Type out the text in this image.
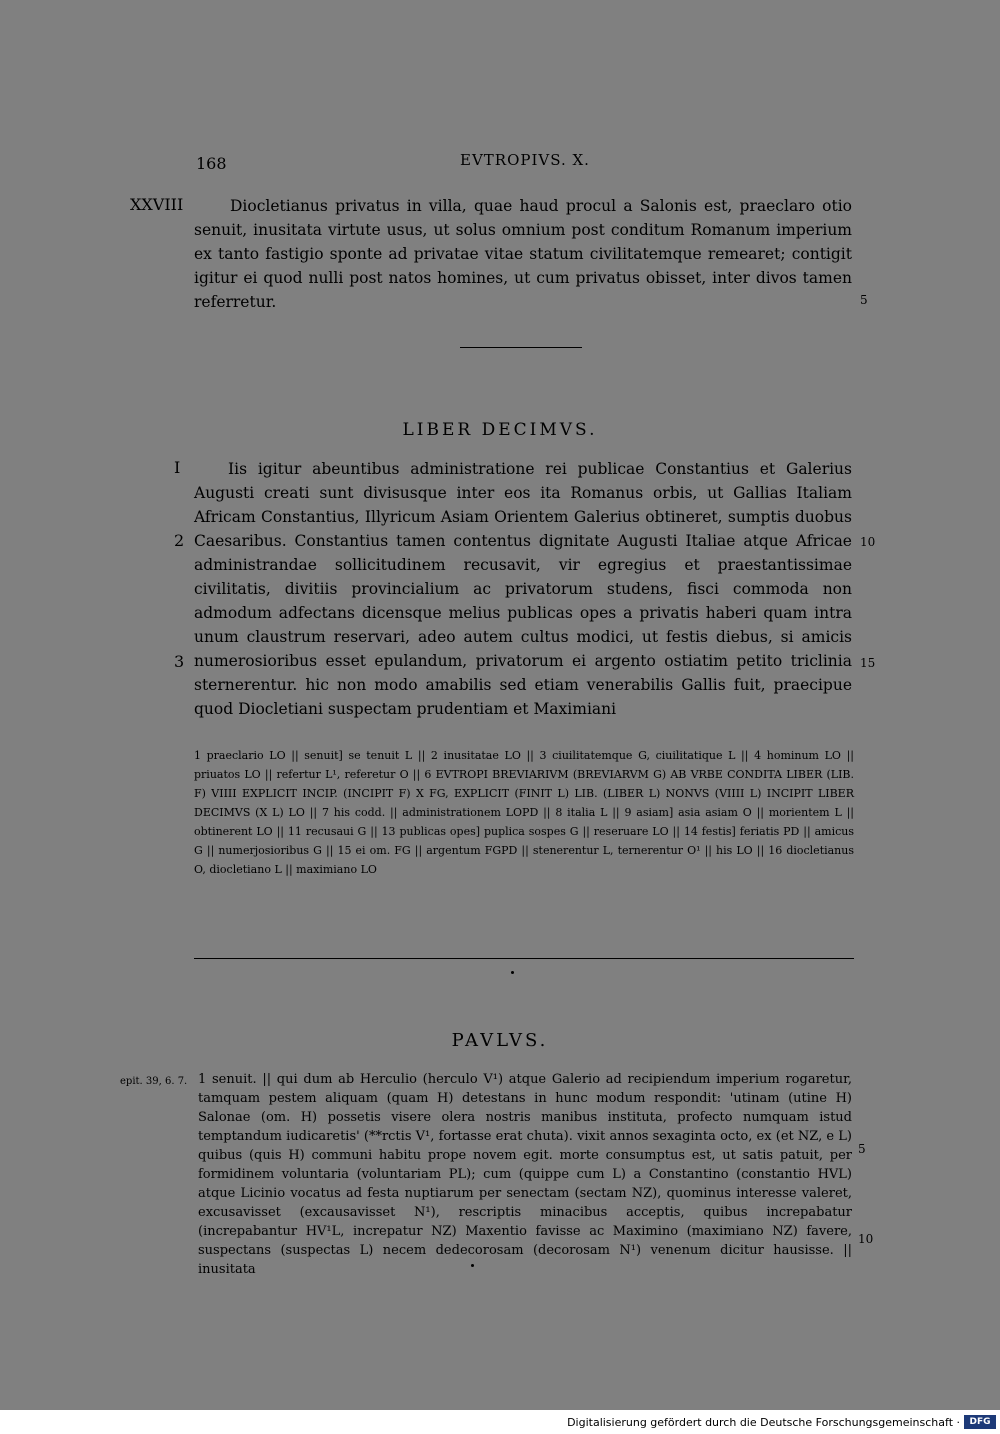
168	EVTROPIVS. X.
XXVIII	Diocletianus privatus in villa, quae haud procul a Salonis est, praeclaro otio senuit, inusitata virtute usus, ut solus omnium post conditum Romanum imperium ex tanto fastigio sponte ad privatae vitae statum civilitatemque remearet; contigit igitur ei quod nulli post natos homines, ut cum privatus obisset, inter divos tamen referretur.	5
LIBER DECIMVS.
I
2
3

Iis igitur abeuntibus administratione rei publicae Constantius et Galerius Augusti creati sunt divisusque inter eos ita Romanus orbis, ut Gallias Italiam Africam Constantius, Illyricum Asiam Orientem Galerius obtineret, sumptis duobus Caesaribus. Constantius tamen contentus dignitate Augusti Italiae atque Africae administrandae sollicitudinem recusavit, vir egregius et praestantissimae civilitatis, divitiis provincialium ac privatorum studens, fisci commoda non admodum adfectans dicensque melius publicas opes a privatis haberi quam intra unum claustrum reservari, adeo autem cultus modici, ut festis diebus, si amicis numerosioribus esset epulandum, privatorum ei argento ostiatim petito triclinia sternerentur. hic non modo amabilis sed etiam venerabilis Gallis fuit, praecipue quod Diocletiani suspectam prudentiam et Maximiani

10
15
1 praeclario LO || senuit] se tenuit L || 2 inusitatae LO || 3 ciuilitatemque G, ciuilitatique L || 4 hominum LO || priuatos LO || refertur L¹, referetur O || 6 EVTROPI BREVIARIVM (BREVIARVM G) AB VRBE CONDITA LIBER (LIB. F) VIIII EXPLICIT INCIP. (INCIPIT F) X FG, EXPLICIT (FINIT L) LIB. (LIBER L) NONVS (VIIII L) INCIPIT LIBER DECIMVS (X L) LO || 7 his codd. || administrationem LOPD || 8 italia L || 9 asiam] asia asiam O || morientem L || obtinerent LO || 11 recusaui G || 13 publicas opes] puplica sospes G || reseruare LO || 14 festis] feriatis PD || amicus G || numerjosioribus G || 15 ei om. FG || argentum FGPD || stenerentur L, ternerentur O¹ || his LO || 16 diocletianus O, diocletiano L || maximiano LO
PAVLVS.
epit. 39, 6. 7. 1 senuit. || qui dum ab Herculio (herculo V¹) atque Galerio ad recipiendum imperium rogaretur, tamquam pestem aliquam (quam H) detestans in hunc modum respondit: 'utinam (utine H) Salonae (om. H) possetis visere olera nostris manibus instituta, profecto numquam istud temptandum iudicaretis' (**rctis V¹, fortasse erat chuta). vixit annos sexaginta octo, ex (et NZ, e L) quibus (quis H) communi habitu prope novem egit. morte consumptus est, ut satis patuit, per formidinem voluntaria (voluntariam PL); cum (quippe cum L) a Constantino (constantio HVL) atque Licinio vocatus ad festa nuptiarum per senectam (sectam NZ), quominus interesse valeret, excusavisset (excausavisset N¹), rescriptis minacibus acceptis, quibus increpabatur (increpabantur HV¹L, increpatur NZ) Maxentio favisse ac Maximino (maximiano NZ) favere, suspectans (suspectas L) necem dedecorosam (decorosam N¹) venenum dicitur hausisse. || inusitata

5
10
Digitalisierung gefördert durch die Deutsche Forschungsgemeinschaft ·	DFG
